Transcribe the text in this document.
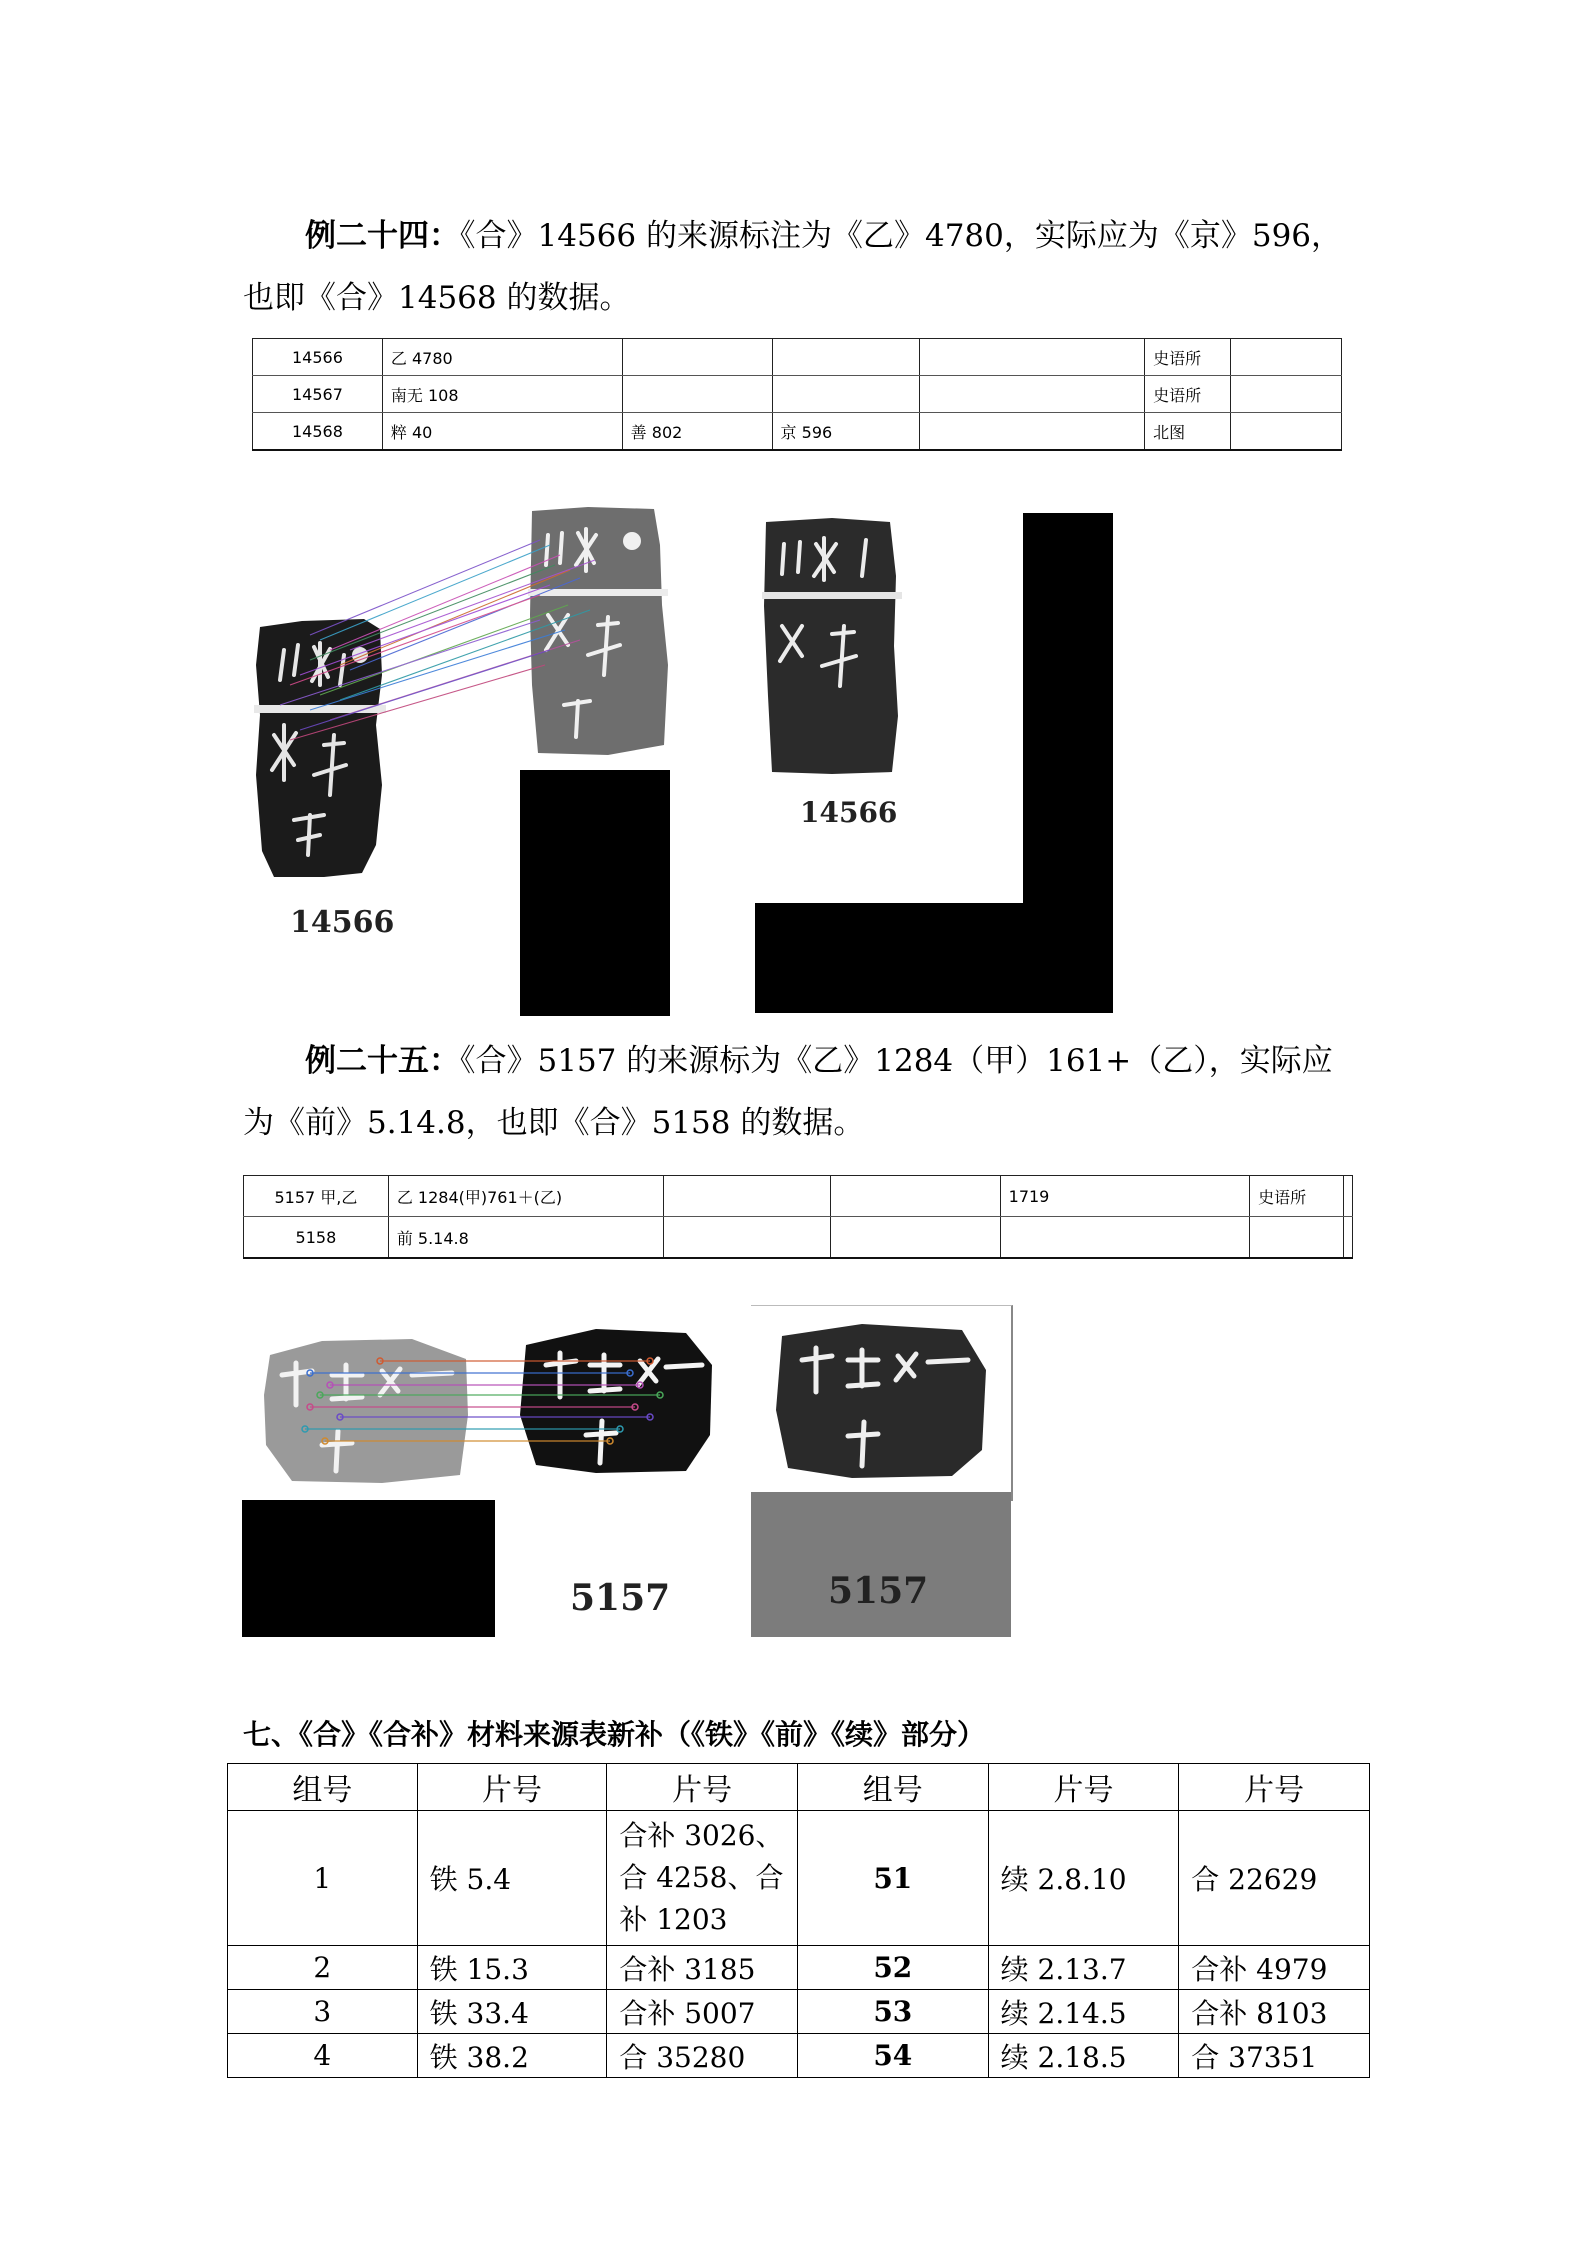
例二十四：《合》14566 的来源标注为《乙》4780，实际应为《京》596，
也即《合》14568 的数据。
14566	乙 4780				史语所	
14567	南无 108				史语所	
14568	粹 40	善 802	京 596		北图	
14566
14566
例二十五：《合》5157 的来源标为《乙》1284（甲）161+（乙），实际应
为《前》5.14.8，也即《合》5158 的数据。
5157 甲,乙	乙 1284(甲)761＋(乙)			1719	史语所	
5158	前 5.14.8					
5157	5157
七、《合》《合补》材料来源表新补（《铁》《前》《续》部分）
组号	片号	片号	组号	片号	片号
1	铁 5.4	合补 3026、
合 4258、合
补 1203	51	续 2.8.10	合 22629
2	铁 15.3	合补 3185	52	续 2.13.7	合补 4979
3	铁 33.4	合补 5007	53	续 2.14.5	合补 8103
4	铁 38.2	合 35280	54	续 2.18.5	合 37351
